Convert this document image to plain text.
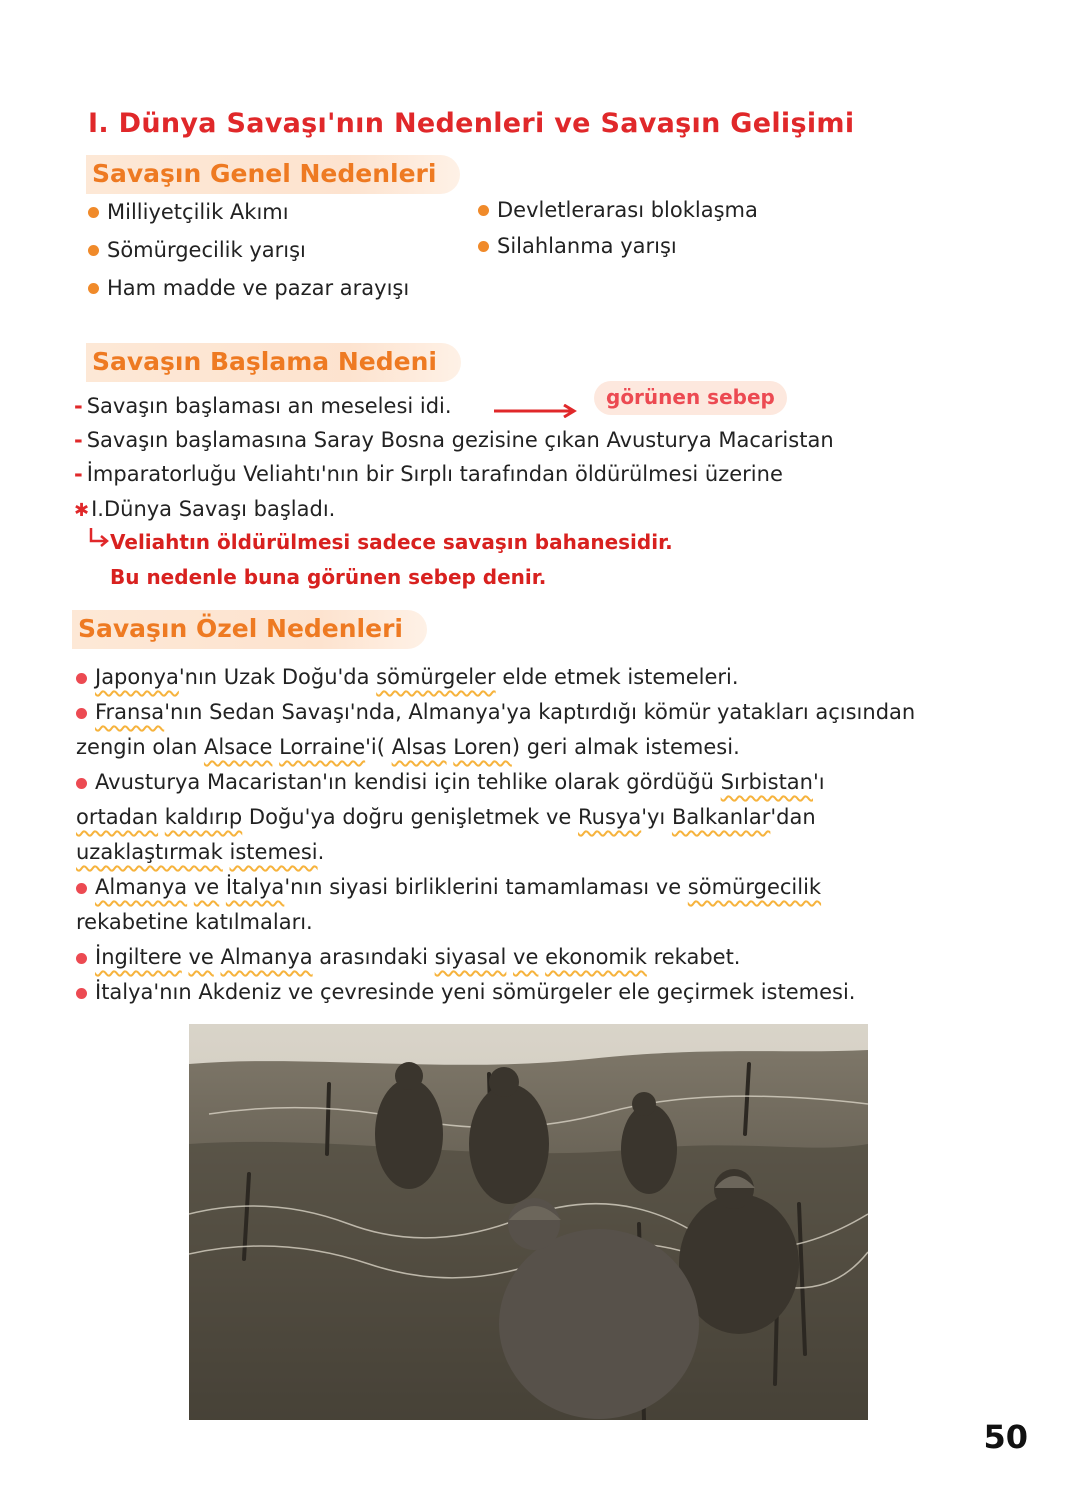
I. Dünya Savaşı'nın Nedenleri ve Savaşın Gelişimi
Savaşın Genel Nedenleri
Milliyetçilik Akımı
Sömürgecilik yarışı
Ham madde ve pazar arayışı
Devletlerarası bloklaşma
Silahlanma yarışı
Savaşın Başlama Nedeni
- Savaşın başlaması an meselesi idi.	görünen sebep
- Savaşın başlamasına Saray Bosna gezisine çıkan Avusturya Macaristan
- İmparatorluğu Veliahtı'nın bir Sırplı tarafından öldürülmesi üzerine
✱I.Dünya Savaşı başladı.
Veliahtın öldürülmesi sadece savaşın bahanesidir.
Bu nedenle buna görünen sebep denir.
Savaşın Özel Nedenleri
Japonya'nın Uzak Doğu'da sömürgeler elde etmek istemeleri.
Fransa'nın Sedan Savaşı'nda, Almanya'ya kaptırdığı kömür yatakları açısından
zengin olan Alsace Lorraine'i( Alsas Loren) geri almak istemesi.
Avusturya Macaristan'ın kendisi için tehlike olarak gördüğü Sırbistan'ı
ortadan kaldırıp Doğu'ya doğru genişletmek ve Rusya'yı Balkanlar'dan
uzaklaştırmak istemesi.
Almanya ve İtalya'nın siyasi birliklerini tamamlaması ve sömürgecilik
rekabetine katılmaları.
İngiltere ve Almanya arasındaki siyasal ve ekonomik rekabet.
İtalya'nın Akdeniz ve çevresinde yeni sömürgeler ele geçirmek istemesi.
50
